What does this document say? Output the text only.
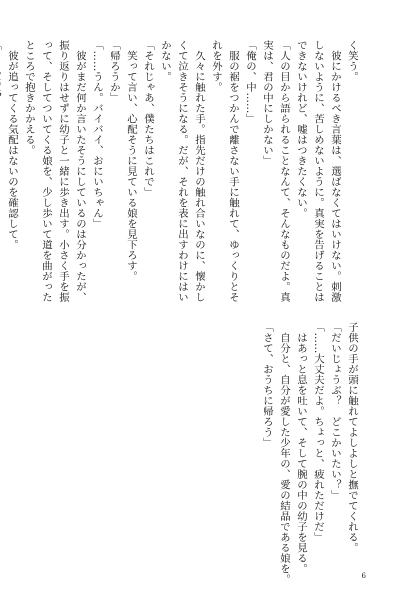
く笑う。
　彼にかけるべき言葉は、選ばなくてはいけない。刺激
しないように、苦しめないように。真実を告げることは
できないけれど、嘘はつきたくない。
「人の目から語られることなんて、そんなものだよ。真
実は、君の中にしかない」
「俺の、中……」
　服の裾をつかんで離さない手に触れて、ゆっくりとそ
れを外す。
　久々に触れた手。指先だけの触れ合いなのに、懐かし
くて泣きそうになる。だが、それを表に出すわけにはい
かない。
「それじゃあ、僕たちはこれで」
　笑って言い、心配そうに見ている娘を見下ろす。
「帰ろうか」
「……うん。バイバイ、おにいちゃん」
　彼がまだ何か言いたそうにしているのは分かったが、
振り返りはせずに幼子と一緒に歩き出す。小さく手を振
って、そしてついてくる娘を、少し歩いて道を曲がった
ところで抱きかかえる。
　彼が追ってくる気配はないのを確認して。
子供の手が頭に触れてよしよしと撫でてくれる。
「だいじょうぶ？　どこかいたい？」
「……大丈夫だよ。ちょっと、疲れただけだ」
　はあっと息を吐いて、そして腕の中の幼子を見る。
　自分と、自分が愛した少年の、愛の結晶である娘を。
「さて、おうちに帰ろう」
6
